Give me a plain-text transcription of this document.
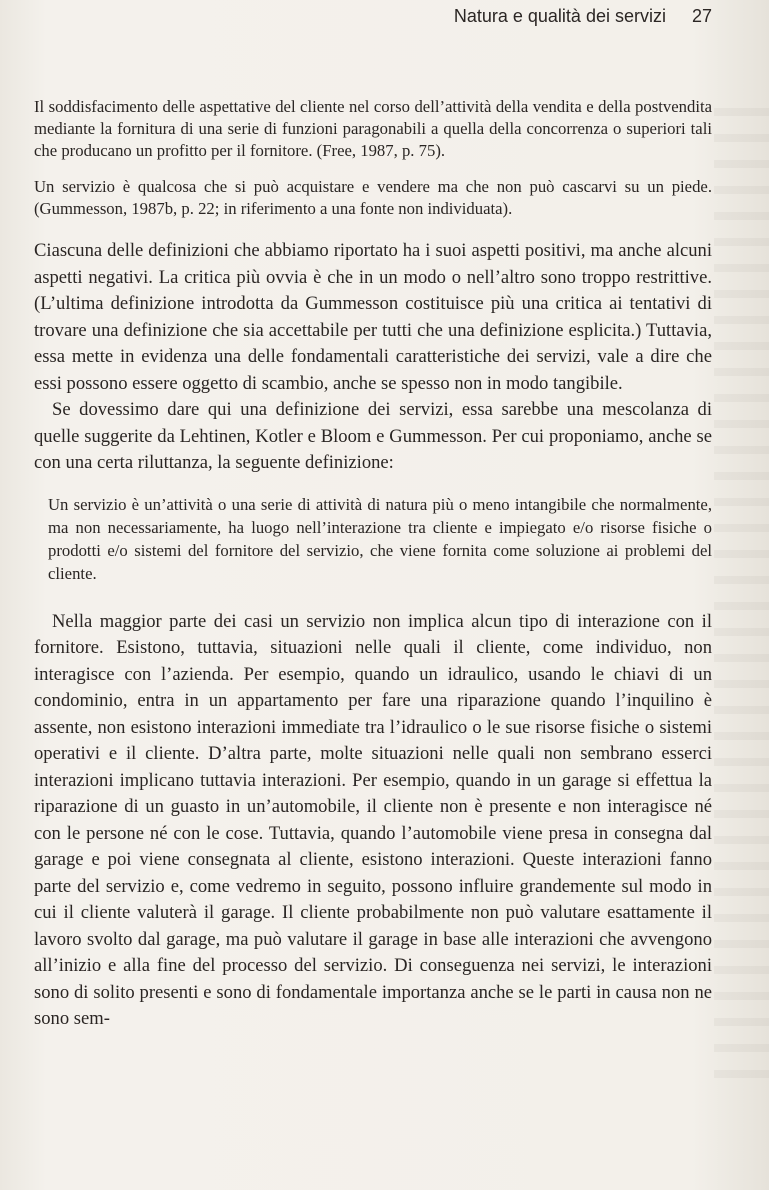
Natura e qualità dei servizi 27

Il soddisfacimento delle aspettative del cliente nel corso dell’attività della vendita e della postvendita mediante la fornitura di una serie di funzioni paragonabili a quella della concorrenza o superiori tali che producano un profitto per il fornitore. (Free, 1987, p. 75).

Un servizio è qualcosa che si può acquistare e vendere ma che non può cascarvi su un piede. (Gummesson, 1987b, p. 22; in riferimento a una fonte non individuata).

Ciascuna delle definizioni che abbiamo riportato ha i suoi aspetti positivi, ma anche alcuni aspetti negativi. La critica più ovvia è che in un modo o nell’altro sono troppo restrittive. (L’ultima definizione introdotta da Gummesson costituisce più una critica ai tentativi di trovare una definizione che sia accettabile per tutti che una definizione esplicita.) Tuttavia, essa mette in evidenza una delle fondamentali caratteristiche dei servizi, vale a dire che essi possono essere oggetto di scambio, anche se spesso non in modo tangibile.

Se dovessimo dare qui una definizione dei servizi, essa sarebbe una mescolanza di quelle suggerite da Lehtinen, Kotler e Bloom e Gummesson. Per cui proponiamo, anche se con una certa riluttanza, la seguente definizione:

Un servizio è un’attività o una serie di attività di natura più o meno intangibile che normalmente, ma non necessariamente, ha luogo nell’interazione tra cliente e impiegato e/o risorse fisiche o prodotti e/o sistemi del fornitore del servizio, che viene fornita come soluzione ai problemi del cliente.

Nella maggior parte dei casi un servizio non implica alcun tipo di interazione con il fornitore. Esistono, tuttavia, situazioni nelle quali il cliente, come individuo, non interagisce con l’azienda. Per esempio, quando un idraulico, usando le chiavi di un condominio, entra in un appartamento per fare una riparazione quando l’inquilino è assente, non esistono interazioni immediate tra l’idraulico o le sue risorse fisiche o sistemi operativi e il cliente. D’altra parte, molte situazioni nelle quali non sembrano esserci interazioni implicano tuttavia interazioni. Per esempio, quando in un garage si effettua la riparazione di un guasto in un’automobile, il cliente non è presente e non interagisce né con le persone né con le cose. Tuttavia, quando l’automobile viene presa in consegna dal garage e poi viene consegnata al cliente, esistono interazioni. Queste interazioni fanno parte del servizio e, come vedremo in seguito, possono influire grandemente sul modo in cui il cliente valuterà il garage. Il cliente probabilmente non può valutare esattamente il lavoro svolto dal garage, ma può valutare il garage in base alle interazioni che avvengono all’inizio e alla fine del processo del servizio. Di conseguenza nei servizi, le interazioni sono di solito presenti e sono di fondamentale importanza anche se le parti in causa non ne sono sem-
